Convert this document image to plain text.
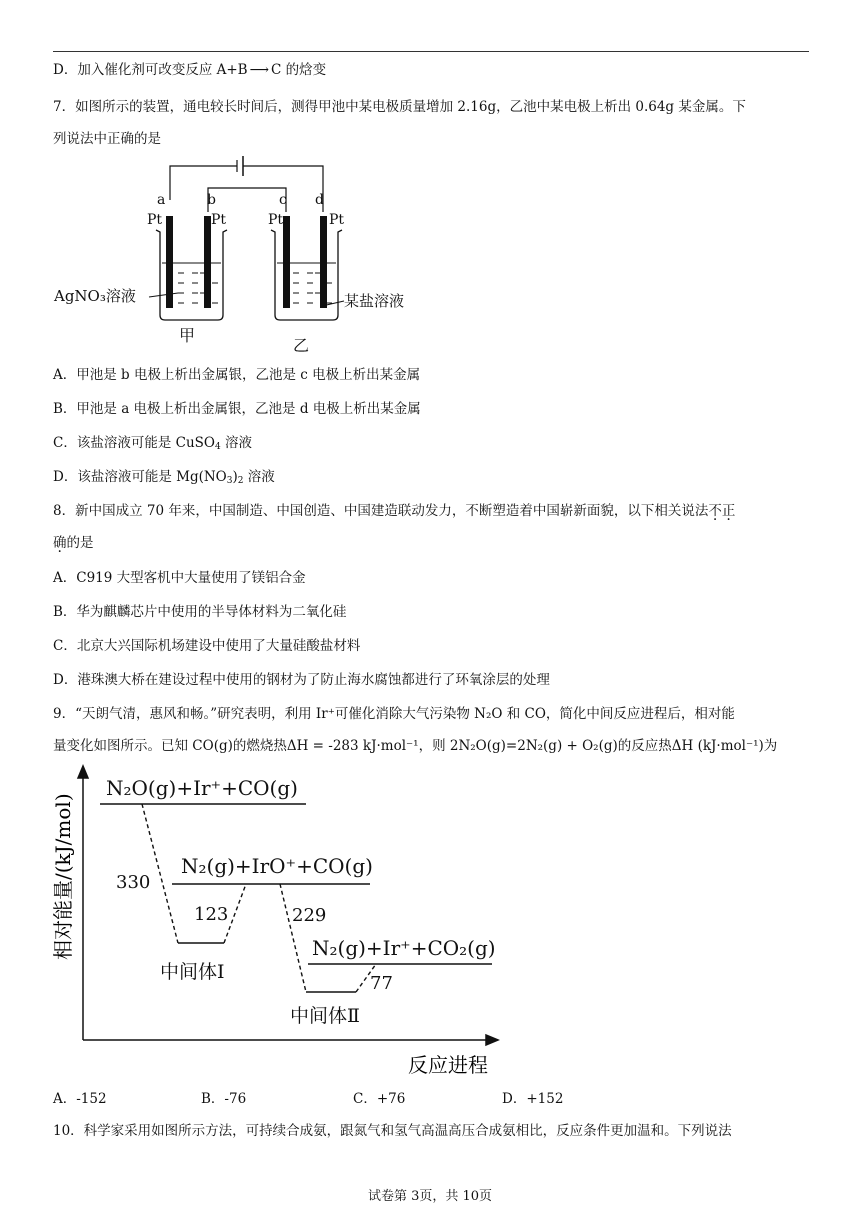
D．加入催化剂可改变反应 A+B ⟶ C 的焓变
7．如图所示的装置，通电较长时间后，测得甲池中某电极质量增加 2.16g，乙池中某电极上析出 0.64g 某金属。下
列说法中正确的是
a	b	c d
Pt	Pt	Pt	Pt
AgNO₃溶液	某盐溶液
甲
乙
A．甲池是 b 电极上析出金属银，乙池是 c 电极上析出某金属
B．甲池是 a 电极上析出金属银，乙池是 d 电极上析出某金属
C．该盐溶液可能是 CuSO$_4$ 溶液
D．该盐溶液可能是 $Mg(NO_3)_2$ 溶液
8．新中国成立 70 年来，中国制造、中国创造、中国建造联动发力，不断塑造着中国崭新面貌，以下相关说法不正
确的是
A．C919 大型客机中大量使用了镁铝合金
B．华为麒麟芯片中使用的半导体材料为二氧化硅
C．北京大兴国际机场建设中使用了大量硅酸盐材料
D．港珠澳大桥在建设过程中使用的钢材为了防止海水腐蚀都进行了环氧涂层的处理
9．“天朗气清，惠风和畅。”研究表明，利用 Ir⁺可催化消除大气污染物 N₂O 和 CO，简化中间反应进程后，相对能
量变化如图所示。已知 CO(g)的燃烧热ΔH = -283 kJ·mol⁻¹，则 2N₂O(g)=2N₂(g) + O₂(g)的反应热ΔH (kJ·mol⁻¹)为
相对能量/(kJ/mol)
反应进程
N₂O(g)+Ir⁺+CO(g)
N₂(g)+IrO⁺+CO(g)
N₂(g)+Ir⁺+CO₂(g)
中间体Ⅰ
中间体Ⅱ
330
123	229
77
A．-152	B．-76	C．+76	D．+152
10．科学家采用如图所示方法，可持续合成氨，跟氮气和氢气高温高压合成氨相比，反应条件更加温和。下列说法
试卷第 3页，共 10页
